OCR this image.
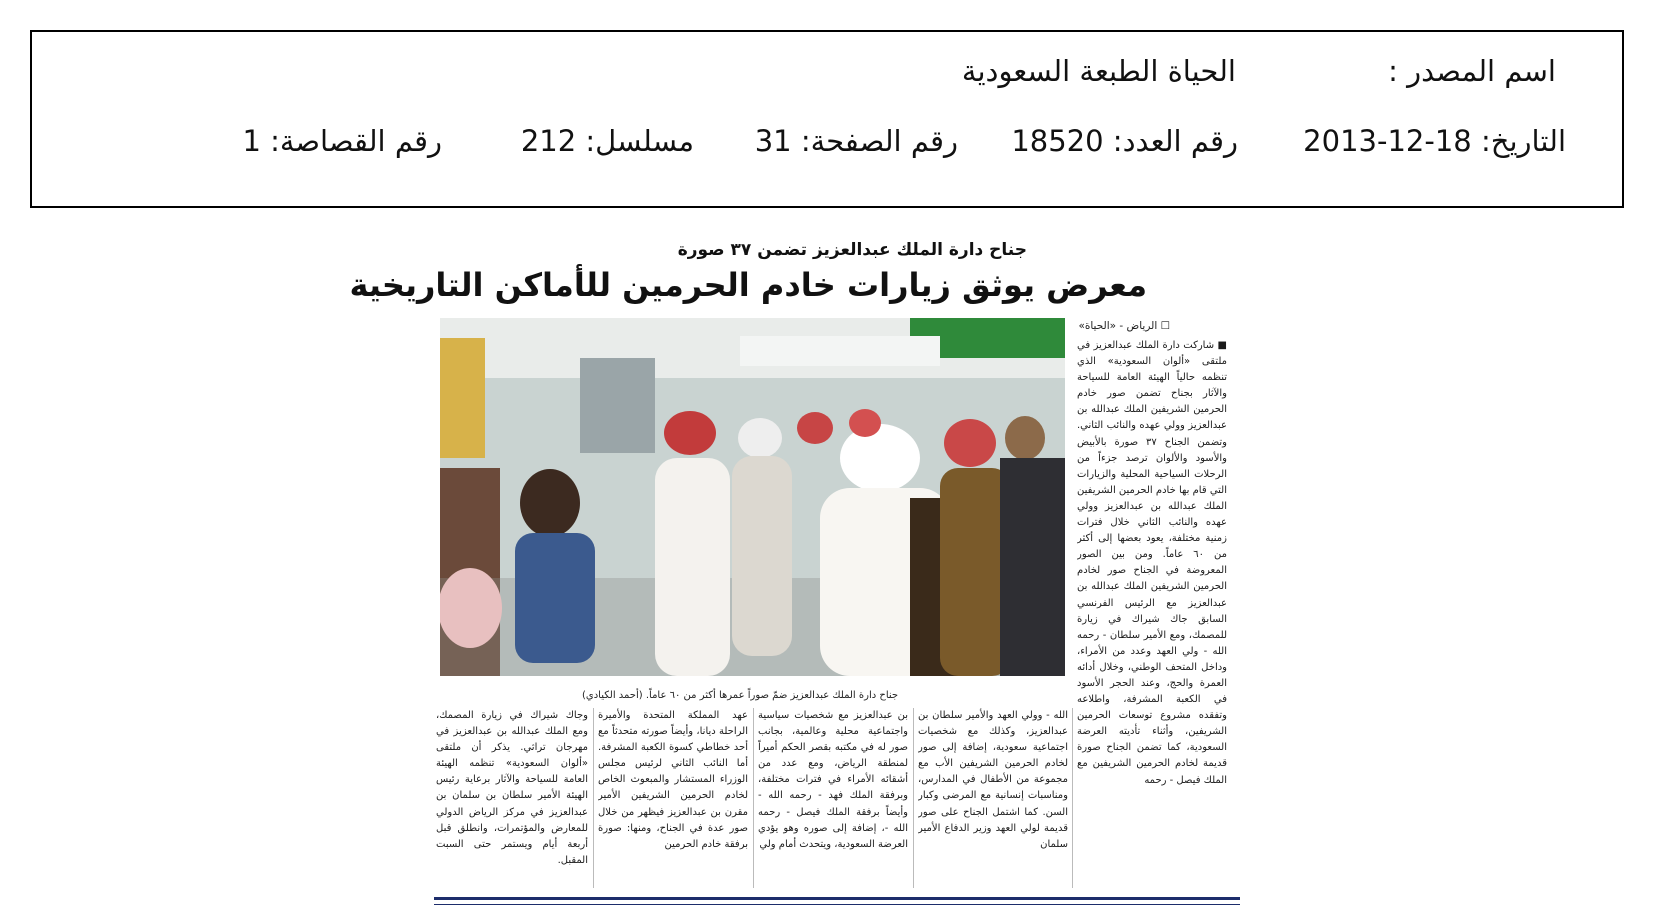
اسم المصدر :
الحياة الطبعة السعودية
التاريخ: 18-12-2013
رقم العدد: 18520
رقم الصفحة: 31
مسلسل: 212
رقم القصاصة: 1
جناح دارة الملك عبدالعزيز تضمن ٣٧ صورة
معرض يوثق زيارات خادم الحرمين للأماكن التاريخية
☐ الرياض - «الحياة»
■ شاركت دارة الملك عبدالعزيز في ملتقى «ألوان السعودية» الذي تنظمه حالياً الهيئة العامة للسياحة والآثار بجناح تضمن صور خادم الحرمين الشريفين الملك عبدالله بن عبدالعزيز وولي عهده والنائب الثاني. وتضمن الجناح ٣٧ صورة بالأبيض والأسود والألوان ترصد جزءاً من الرحلات السياحية المحلية والزيارات التي قام بها خادم الحرمين الشريفين الملك عبدالله بن عبدالعزيز وولي عهده والنائب الثاني خلال فترات زمنية مختلفة، يعود بعضها إلى أكثر من ٦٠ عاماً. ومن بين الصور المعروضة في الجناح صور لخادم الحرمين الشريفين الملك عبدالله بن عبدالعزيز مع الرئيس الفرنسي السابق جاك شيراك في زيارة للمصمك، ومع الأمير سلطان - رحمه الله - ولي العهد وعدد من الأمراء، وداخل المتحف الوطني، وخلال أدائه العمرة والحج، وعند الحجر الأسود في الكعبة المشرفة، واطلاعه وتفقده مشروع توسعات الحرمين الشريفين، وأثناء تأديته العرضة السعودية، كما تضمن الجناح صورة قديمة لخادم الحرمين الشريفين مع الملك فيصل - رحمه
جناح دارة الملك عبدالعزيز ضمّ صوراً عمرها أكثر من ٦٠ عاماً. (أحمد الكيادي)
الله - وولي العهد والأمير سلطان بن عبدالعزيز، وكذلك مع شخصيات اجتماعية سعودية، إضافة إلى صور لخادم الحرمين الشريفين الأب مع مجموعة من الأطفال في المدارس، ومناسبات إنسانية مع المرضى وكبار السن. كما اشتمل الجناح على صور قديمة لولي العهد وزير الدفاع الأمير سلمان
بن عبدالعزيز مع شخصيات سياسية واجتماعية محلية وعالمية، بجانب صور له في مكتبه بقصر الحكم أميراً لمنطقة الرياض، ومع عدد من أشقائه الأمراء في فترات مختلفة، وبرفقة الملك فهد - رحمه الله - وأيضاً برفقة الملك فيصل - رحمه الله -، إضافة إلى صوره وهو يؤدي العرضة السعودية، ويتحدث أمام ولي
عهد المملكة المتحدة والأميرة الراحلة ديانا، وأيضاً صورته متحدثاً مع أحد خطاطي كسوة الكعبة المشرفة. أما النائب الثاني لرئيس مجلس الوزراء المستشار والمبعوث الخاص لخادم الحرمين الشريفين الأمير مقرن بن عبدالعزيز فيظهر من خلال صور عدة في الجناح، ومنها: صورة برفقة خادم الحرمين
وجاك شيراك في زيارة المصمك، ومع الملك عبدالله بن عبدالعزيز في مهرجان تراثي. يذكر أن ملتقى «ألوان السعودية» تنظمه الهيئة العامة للسياحة والآثار برعاية رئيس الهيئة الأمير سلطان بن سلمان بن عبدالعزيز في مركز الرياض الدولي للمعارض والمؤتمرات، وانطلق قبل أربعة أيام ويستمر حتى السبت المقبل.
